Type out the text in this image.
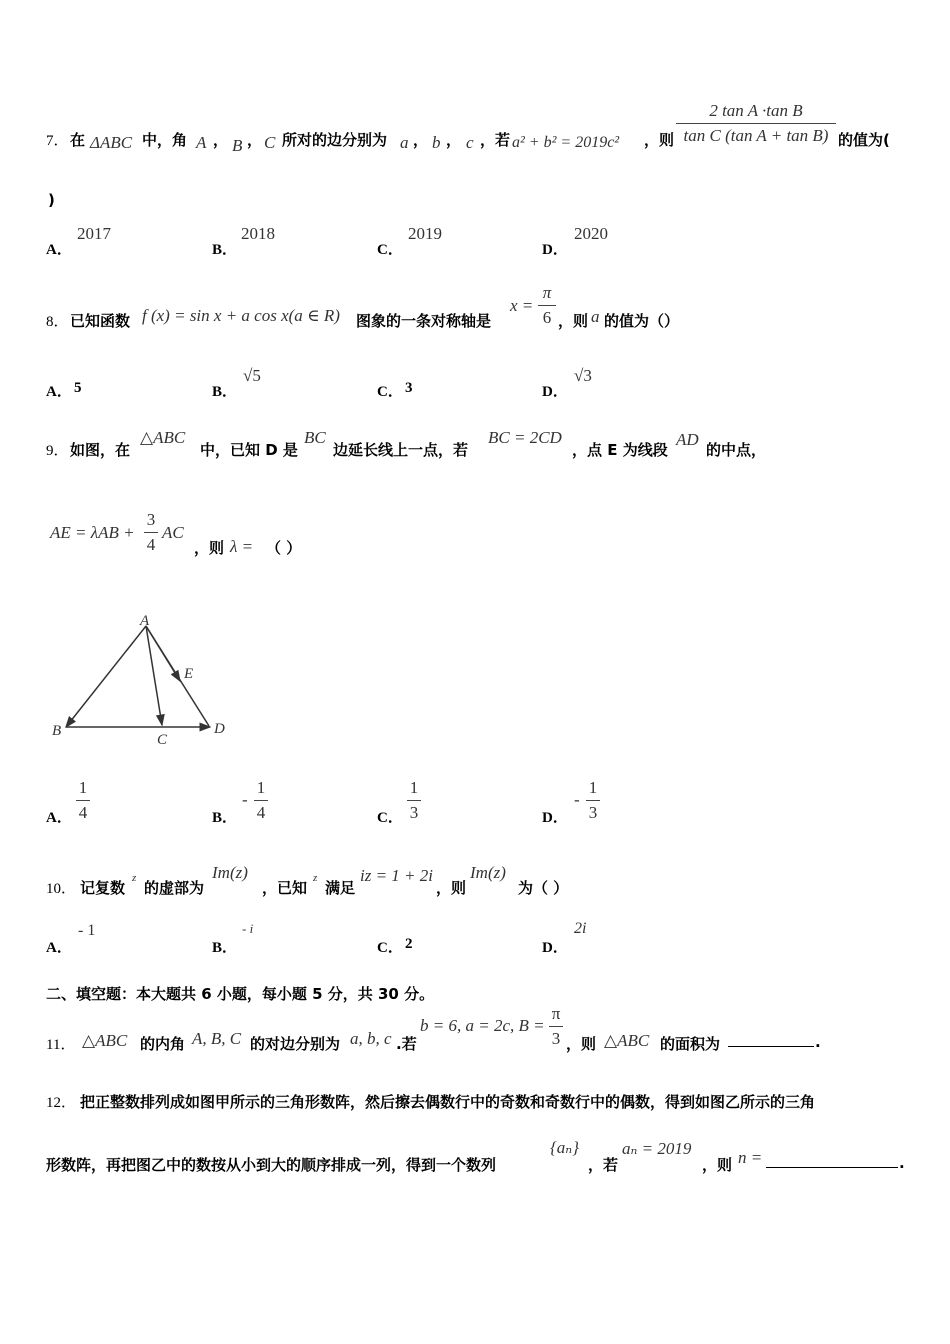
7． 在 ΔABC 中，角 A ， B ， C 所对的边分别为 a ， b ， c ，若 a² + b² = 2019c² ，则
2 tan A ·tan B
tan C (tan A + tan B) 的值为(
)
A．
2017
B．
2018
C．
2019
D．
2020
8． 已知函数 f (x) = sin x + a cos x(a ∈ R) 图象的一条对称轴是
x =
π
6 ，则 a 的值为（）
A． 5	B．
√5
C． 3	D．
√3
9． 如图，在
△ABC
中，已知 D 是
BC
边延长线上一点，若
BC = 2CD
，点 E 为线段
AD
的中点，
AE = λAB +
3
4
AC
，则 λ = （ ）
A
B
C
D
E
A．
1
4	B．
-
1
4	C．
1
3	D．
-
1
3
10． 记复数
z
的虚部为
Im(z)
，已知
z
满足
iz = 1 + 2i
，则
Im(z)
为（ ）
A．
- 1
B．
- i
C． 2	D．
2i
二、填空题：本大题共 6 小题，每小题 5 分，共 30 分。
11． △ABC 的内角 A, B, C 的对边分别为 a, b, c .若
b = 6, a = 2c, B =
π
3 ，则 △ABC 的面积为	.
12． 把正整数排列成如图甲所示的三角形数阵，然后擦去偶数行中的奇数和奇数行中的偶数，得到如图乙所示的三角
形数阵，再把图乙中的数按从小到大的顺序排成一列，得到一个数列
{aₙ}
，若
aₙ = 2019
，则 n =	.
